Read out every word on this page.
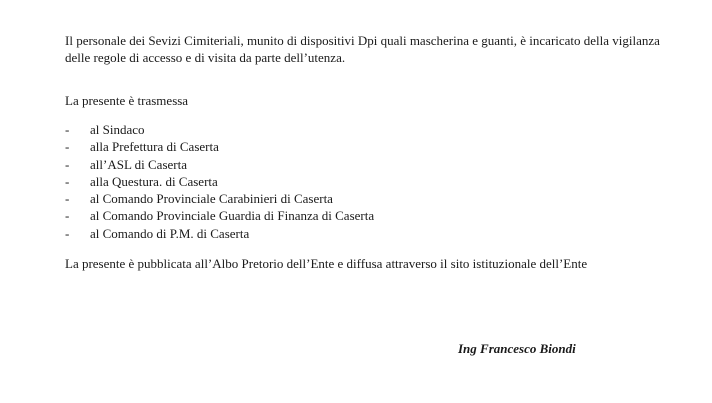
Il personale dei Sevizi Cimiteriali, munito di dispositivi Dpi quali mascherina e guanti, è incaricato della vigilanza delle regole di accesso e di visita da parte dell’utenza.

La presente è trasmessa

- al Sindaco
- alla Prefettura di Caserta
- all’ASL di Caserta
- alla Questura. di Caserta
- al Comando Provinciale Carabinieri di Caserta
- al Comando Provinciale Guardia di Finanza di Caserta
- al Comando di P.M. di Caserta

La presente è pubblicata all’Albo Pretorio dell’Ente e diffusa attraverso il sito istituzionale dell’Ente

Ing Francesco Biondi
